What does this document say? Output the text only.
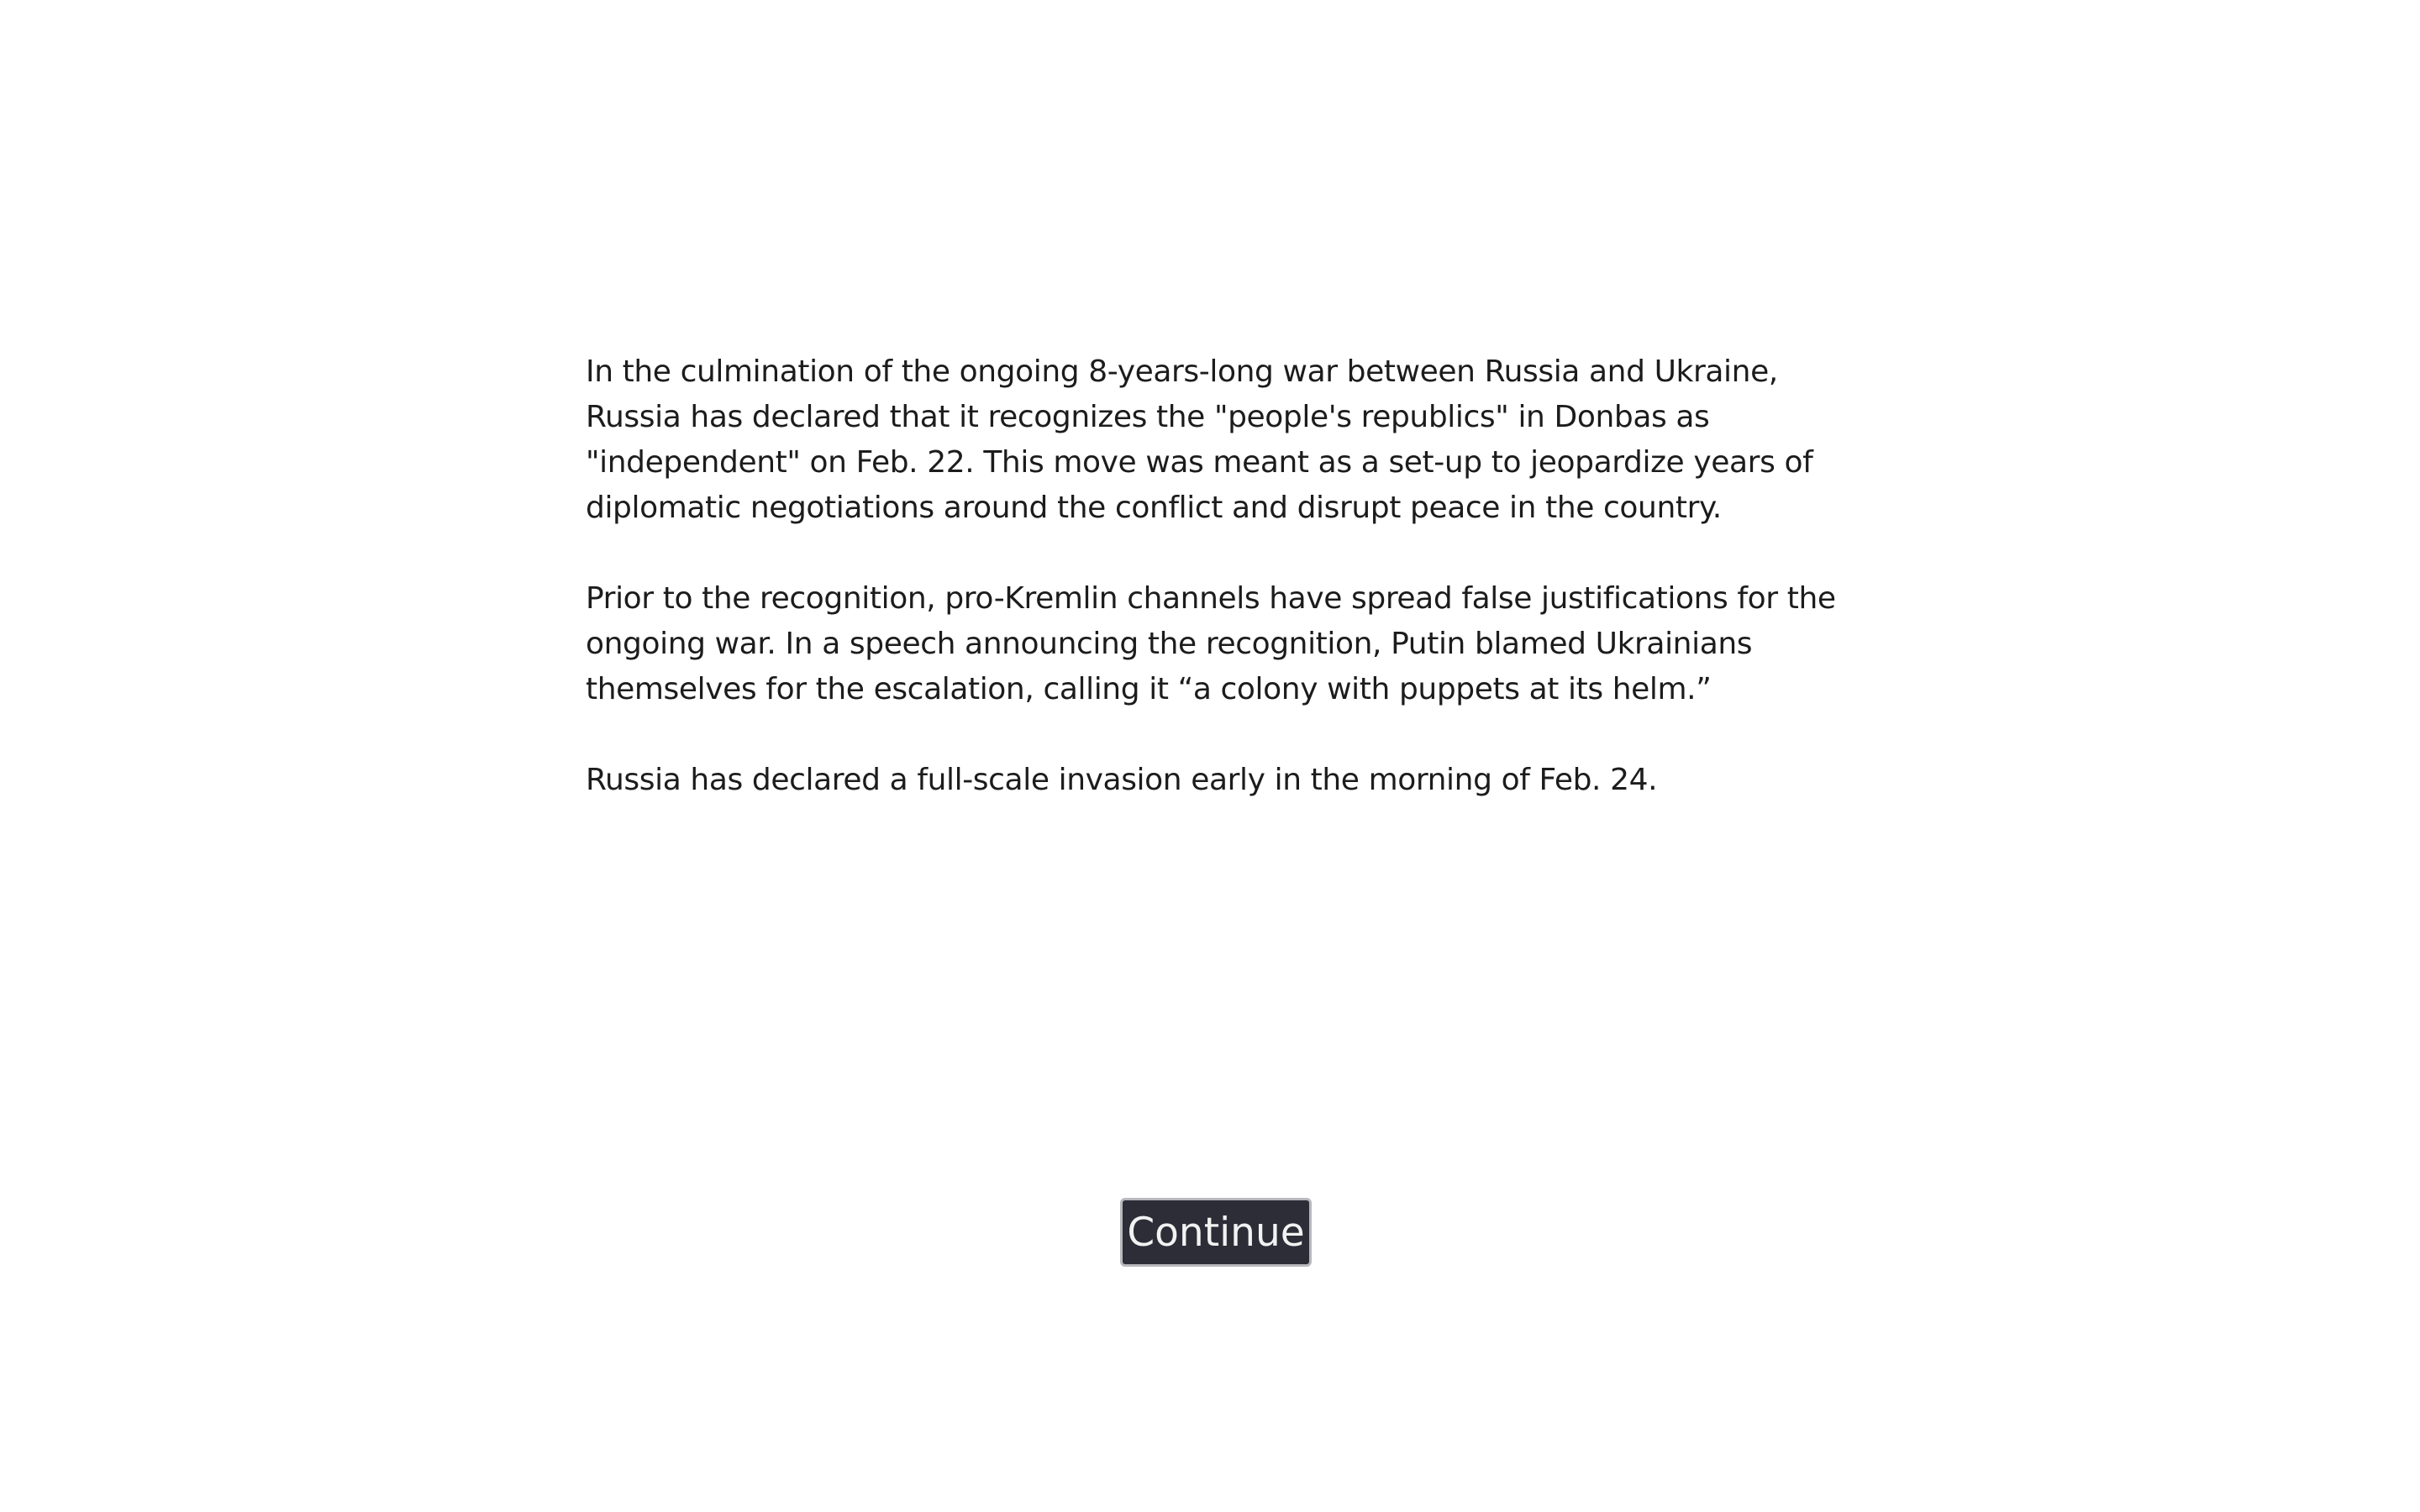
In the culmination of the ongoing 8-years-long war between Russia and Ukraine, Russia has declared that it recognizes the "people's republics" in Donbas as "independent" on Feb. 22. This move was meant as a set-up to jeopardize years of diplomatic negotiations around the conflict and disrupt peace in the country.

Prior to the recognition, pro-Kremlin channels have spread false justifications for the ongoing war. In a speech announcing the recognition, Putin blamed Ukrainians themselves for the escalation, calling it “a colony with puppets at its helm.”

Russia has declared a full-scale invasion early in the morning of Feb. 24.

Continue
